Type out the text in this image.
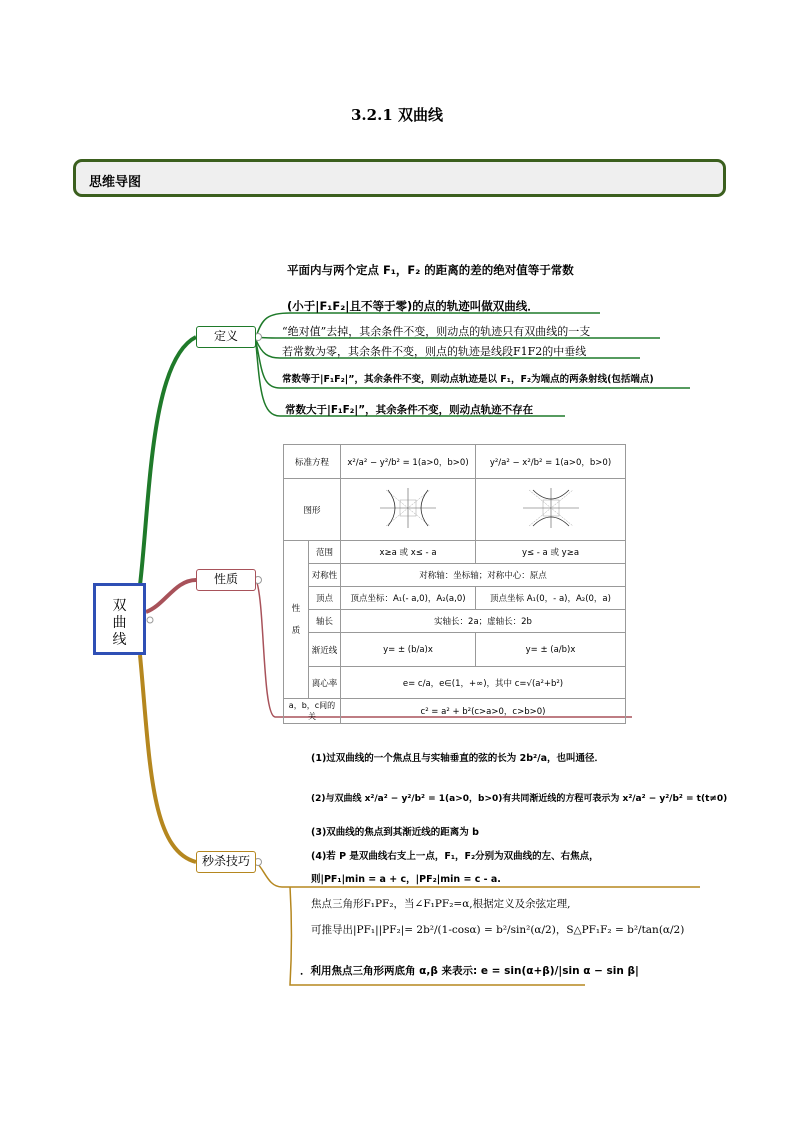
3.2.1 双曲线
思维导图
双曲线
定义
性质
秒杀技巧
平面内与两个定点 F₁，F₂ 的距离的差的绝对值等于常数
(小于|F₁F₂|且不等于零)的点的轨迹叫做双曲线．
“绝对值”去掉，其余条件不变，则动点的轨迹只有双曲线的一支
若常数为零，其余条件不变，则点的轨迹是线段F1F2的中垂线
常数等于|F₁F₂|”，其余条件不变，则动点轨迹是以 F₁，F₂为端点的两条射线(包括端点)
常数大于|F₁F₂|”，其余条件不变，则动点轨迹不存在
标准方程		x²/a² − y²/b² = 1(a>0，b>0)	y²/a² − x²/b² = 1(a>0，b>0)
图形		
性质	范围	x≥a 或 x≤ - a	y≤ - a 或 y≥a
	对称性	对称轴：坐标轴；对称中心：原点	
	顶点	顶点坐标：A₁(- a,0)，A₂(a,0)	顶点坐标 A₁(0，- a)，A₂(0，a)
	轴长	实轴长：2a；虚轴长：2b	
	渐近线	y= ± (b/a)x	y= ± (a/b)x
	离心率	e= c/a，e∈(1，+∞)，其中 c=√(a²+b²)	
a，b，c间的关		c² = a² + b²(c>a>0，c>b>0)	
(1)过双曲线的一个焦点且与实轴垂直的弦的长为 2b²/a，也叫通径．
(2)与双曲线 x²/a² − y²/b² = 1(a>0，b>0)有共同渐近线的方程可表示为 x²/a² − y²/b² = t(t≠0)
(3)双曲线的焦点到其渐近线的距离为 b
(4)若 P 是双曲线右支上一点，F₁，F₂分别为双曲线的左、右焦点，
则|PF₁|min = a + c，|PF₂|min = c - a.
焦点三角形F₁PF₂，当∠F₁PF₂=α,根据定义及余弦定理,
可推导出|PF₁||PF₂|= 2b²/(1-cosα) = b²/sin²(α/2)，S△PF₁F₂ = b²/tan(α/2)
．利用焦点三角形两底角 α,β 来表示: e = sin(α+β)/|sin α − sin β|
